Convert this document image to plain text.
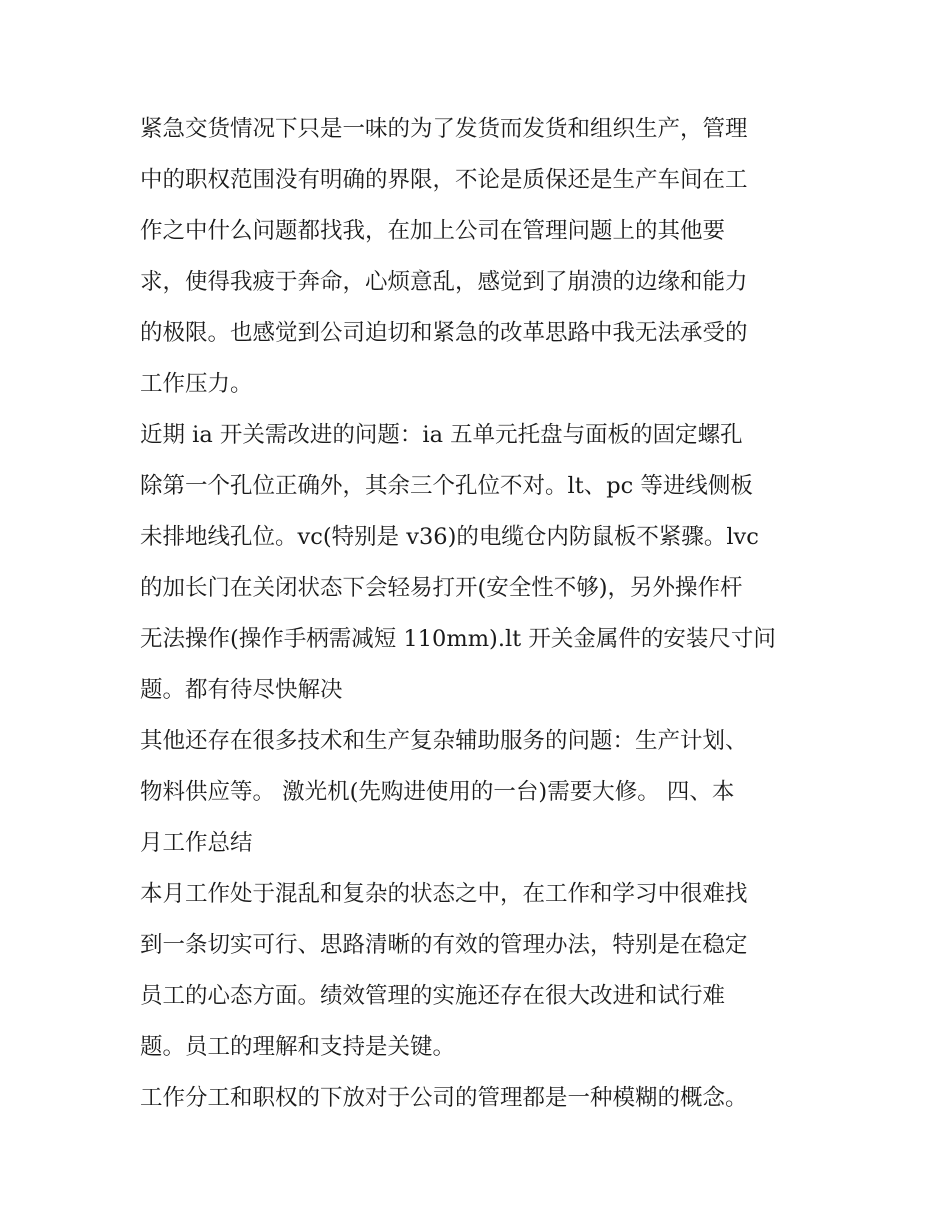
紧急交货情况下只是一味的为了发货而发货和组织生产，管理
中的职权范围没有明确的界限，不论是质保还是生产车间在工
作之中什么问题都找我，在加上公司在管理问题上的其他要
求，使得我疲于奔命，心烦意乱，感觉到了崩溃的边缘和能力
的极限。也感觉到公司迫切和紧急的改革思路中我无法承受的
工作压力。

近期 ia 开关需改进的问题：ia 五单元托盘与面板的固定螺孔
除第一个孔位正确外，其余三个孔位不对。lt、pc 等进线侧板
未排地线孔位。vc(特别是 v36)的电缆仓内防鼠板不紧骤。lvc
的加长门在关闭状态下会轻易打开(安全性不够)，另外操作杆
无法操作(操作手柄需减短 110mm).lt 开关金属件的安装尺寸问
题。都有待尽快解决

其他还存在很多技术和生产复杂辅助服务的问题：生产计划、
物料供应等。 激光机(先购进使用的一台)需要大修。 四、本
月工作总结

本月工作处于混乱和复杂的状态之中，在工作和学习中很难找
到一条切实可行、思路清晰的有效的管理办法，特别是在稳定
员工的心态方面。绩效管理的实施还存在很大改进和试行难
题。员工的理解和支持是关键。

工作分工和职权的下放对于公司的管理都是一种模糊的概念。
